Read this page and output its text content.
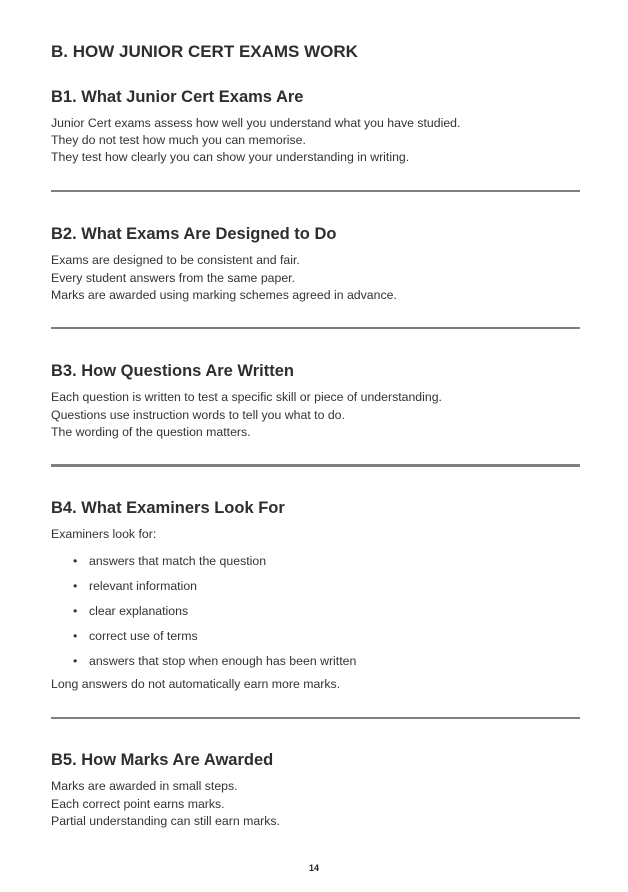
B. HOW JUNIOR CERT EXAMS WORK
B1. What Junior Cert Exams Are
Junior Cert exams assess how well you understand what you have studied.
They do not test how much you can memorise.
They test how clearly you can show your understanding in writing.
B2. What Exams Are Designed to Do
Exams are designed to be consistent and fair.
Every student answers from the same paper.
Marks are awarded using marking schemes agreed in advance.
B3. How Questions Are Written
Each question is written to test a specific skill or piece of understanding.
Questions use instruction words to tell you what to do.
The wording of the question matters.
B4. What Examiners Look For
Examiners look for:
• answers that match the question
• relevant information
• clear explanations
• correct use of terms
• answers that stop when enough has been written
Long answers do not automatically earn more marks.
B5. How Marks Are Awarded
Marks are awarded in small steps.
Each correct point earns marks.
Partial understanding can still earn marks.
14
